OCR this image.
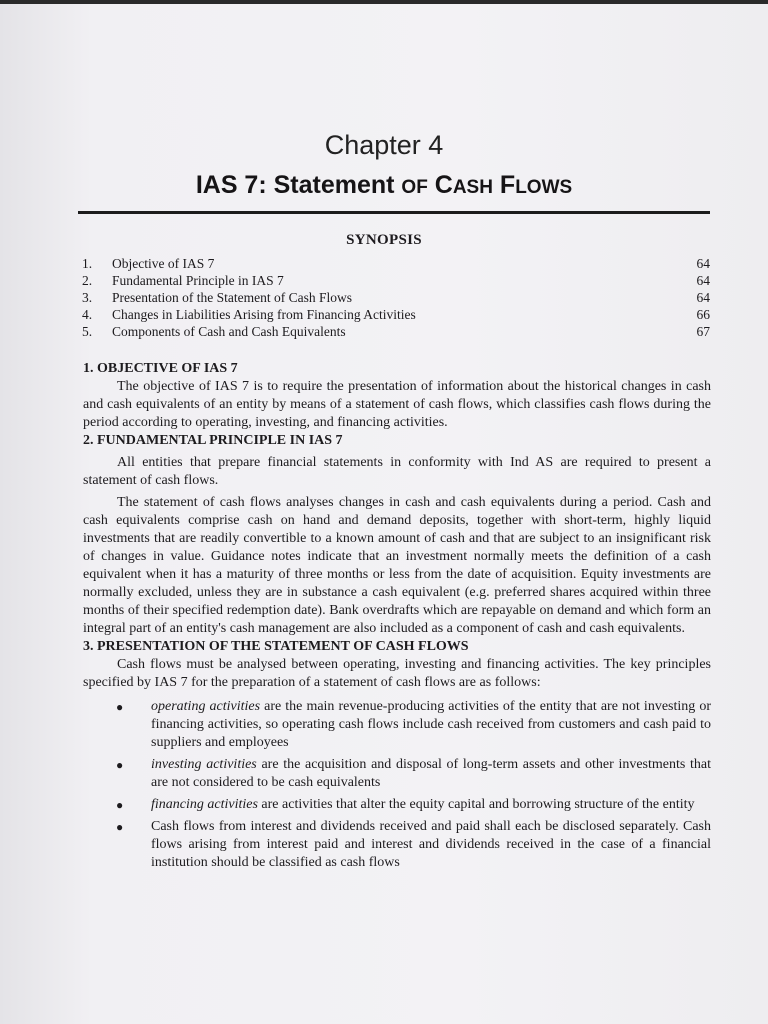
Chapter 4
IAS 7: Statement OF CASH FLOWS
SYNOPSIS
1.	Objective of IAS 7	64
2.	Fundamental Principle in IAS 7	64
3.	Presentation of the Statement of Cash Flows	64
4.	Changes in Liabilities Arising from Financing Activities	66
5.	Components of Cash and Cash Equivalents	67

1. OBJECTIVE OF IAS 7

The objective of IAS 7 is to require the presentation of information about the historical changes in cash and cash equivalents of an entity by means of a statement of cash flows, which classifies cash flows during the period according to operating, investing, and financing activities.

2. FUNDAMENTAL PRINCIPLE IN IAS 7

All entities that prepare financial statements in conformity with Ind AS are required to present a statement of cash flows.

The statement of cash flows analyses changes in cash and cash equivalents during a period. Cash and cash equivalents comprise cash on hand and demand deposits, together with short-term, highly liquid investments that are readily convertible to a known amount of cash and that are subject to an insignificant risk of changes in value. Guidance notes indicate that an investment normally meets the definition of a cash equivalent when it has a maturity of three months or less from the date of acquisition. Equity investments are normally excluded, unless they are in substance a cash equivalent (e.g. preferred shares acquired within three months of their specified redemption date). Bank overdrafts which are repayable on demand and which form an integral part of an entity's cash management are also included as a component of cash and cash equivalents.

3. PRESENTATION OF THE STATEMENT OF CASH FLOWS

Cash flows must be analysed between operating, investing and financing activities. The key principles specified by IAS 7 for the preparation of a statement of cash flows are as follows:

●	operating activities are the main revenue-producing activities of the entity that are not investing or financing activities, so operating cash flows include cash received from customers and cash paid to suppliers and employees
●	investing activities are the acquisition and disposal of long-term assets and other investments that are not considered to be cash equivalents
●	financing activities are activities that alter the equity capital and borrowing structure of the entity
●	Cash flows from interest and dividends received and paid shall each be disclosed separately. Cash flows arising from interest paid and interest and dividends received in the case of a financial institution should be classified as cash flows
